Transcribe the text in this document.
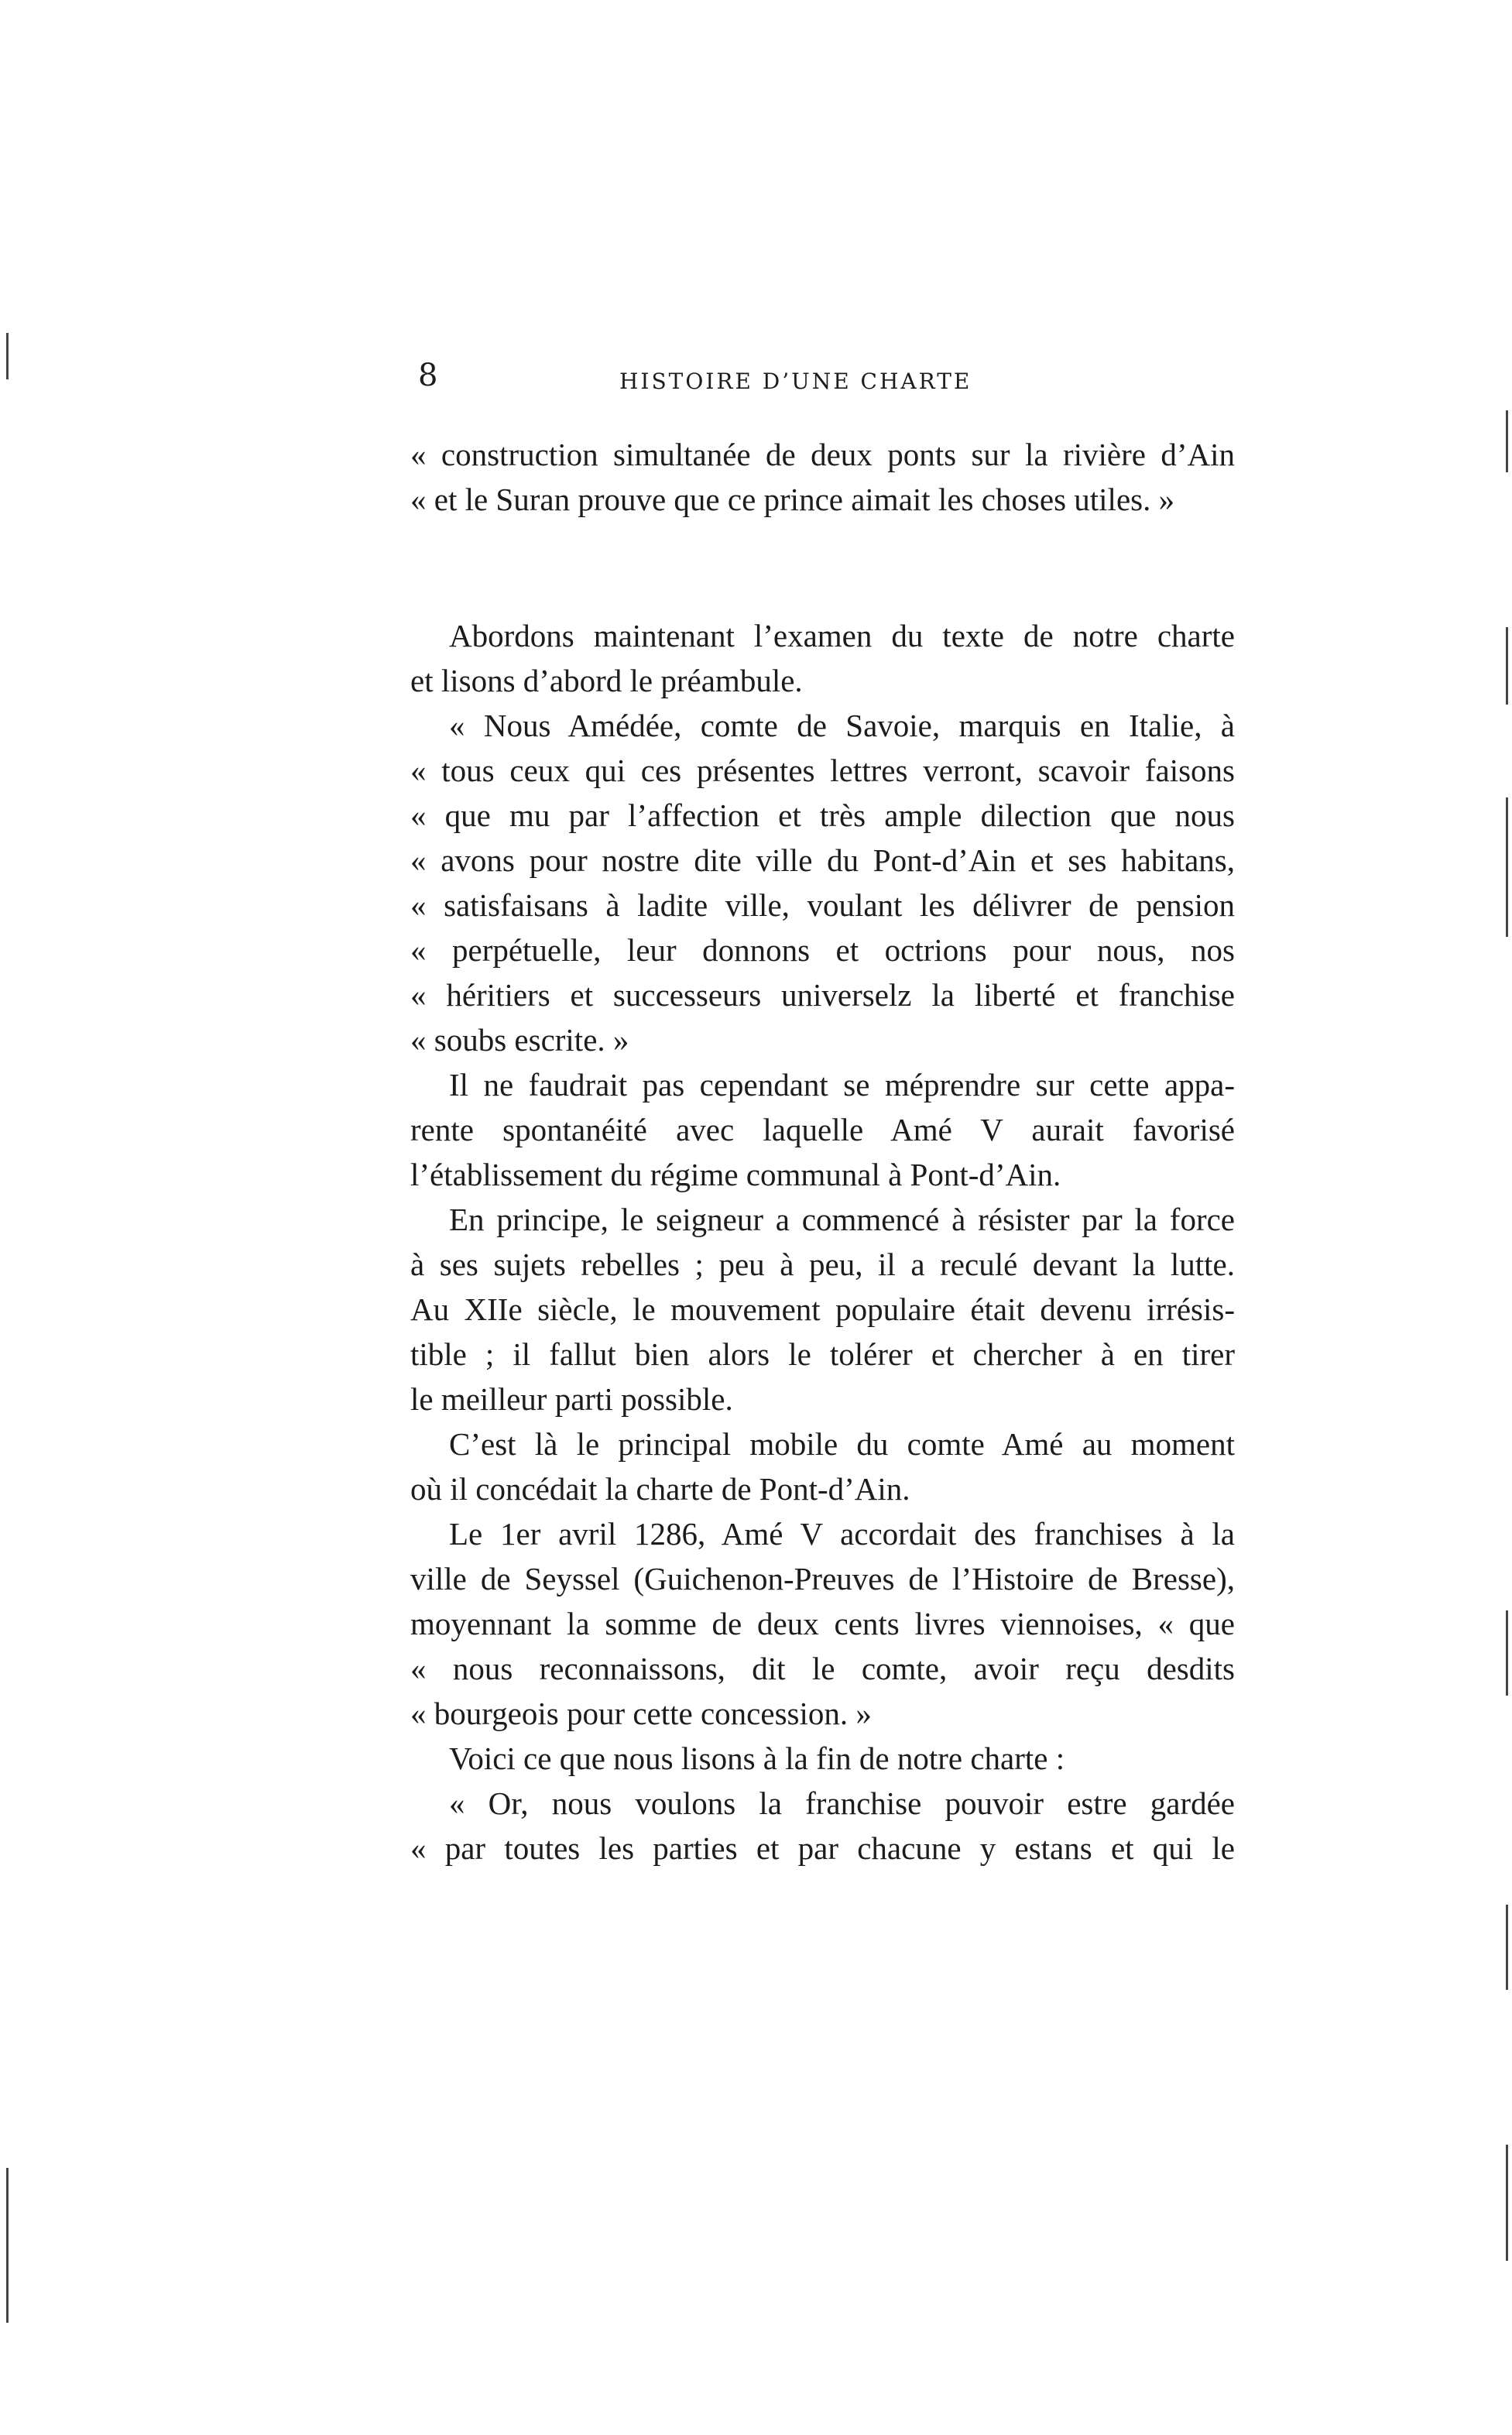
8	HISTOIRE D’UNE CHARTE
« construction simultanée de deux ponts sur la rivière d’Ain
« et le Suran prouve que ce prince aimait les choses utiles. »
Abordons maintenant l’examen du texte de notre charte
et lisons d’abord le préambule.
« Nous Amédée, comte de Savoie, marquis en Italie, à
« tous ceux qui ces présentes lettres verront, scavoir faisons
« que mu par l’affection et très ample dilection que nous
« avons pour nostre dite ville du Pont-d’Ain et ses habitans,
« satisfaisans à ladite ville, voulant les délivrer de pension
« perpétuelle, leur donnons et octrions pour nous, nos
« héritiers et successeurs universelz la liberté et franchise
« soubs escrite. »
Il ne faudrait pas cependant se méprendre sur cette appa-
rente spontanéité avec laquelle Amé V aurait favorisé
l’établissement du régime communal à Pont-d’Ain.
En principe, le seigneur a commencé à résister par la force
à ses sujets rebelles ; peu à peu, il a reculé devant la lutte.
Au XIIe siècle, le mouvement populaire était devenu irrésis-
tible ; il fallut bien alors le tolérer et chercher à en tirer
le meilleur parti possible.
C’est là le principal mobile du comte Amé au moment
où il concédait la charte de Pont-d’Ain.
Le 1er avril 1286, Amé V accordait des franchises à la
ville de Seyssel (Guichenon-Preuves de l’Histoire de Bresse),
moyennant la somme de deux cents livres viennoises, « que
« nous reconnaissons, dit le comte, avoir reçu desdits
« bourgeois pour cette concession. »
Voici ce que nous lisons à la fin de notre charte :
« Or, nous voulons la franchise pouvoir estre gardée
« par toutes les parties et par chacune y estans et qui le
